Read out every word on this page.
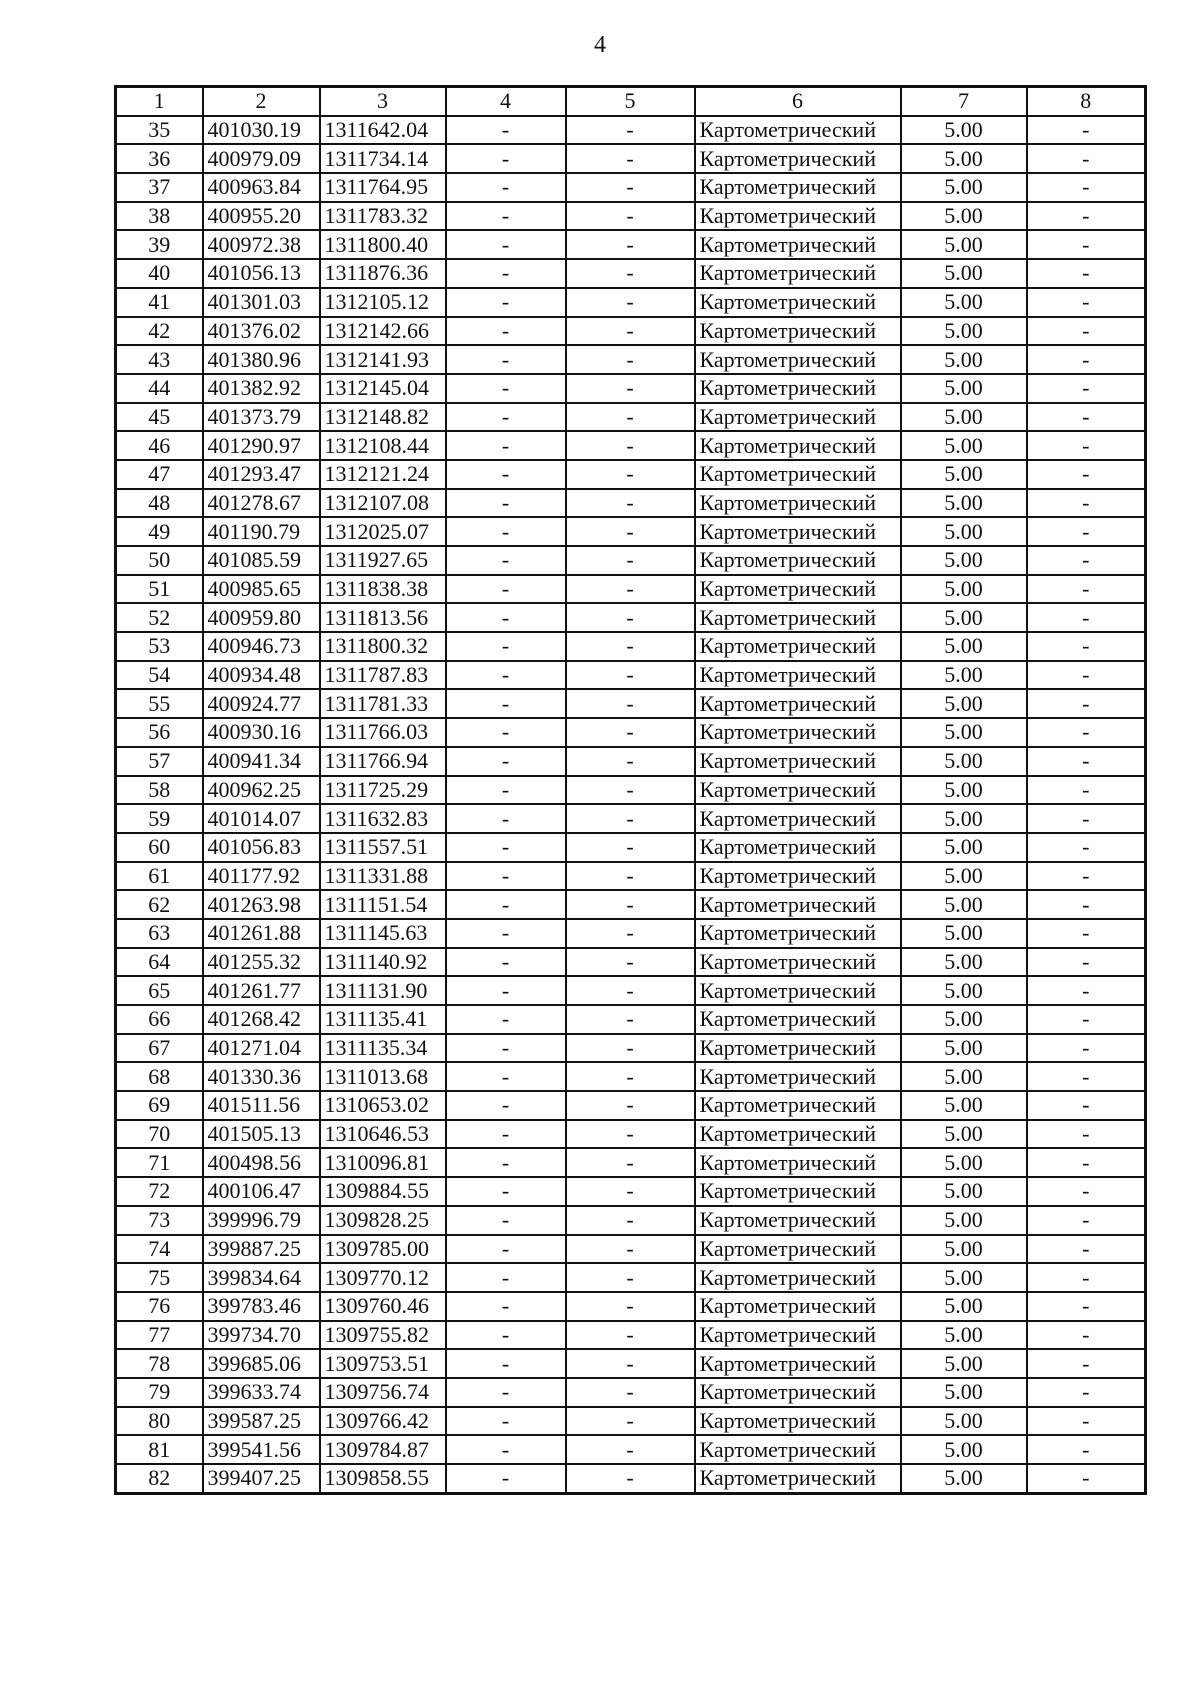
4
1	2	3	4	5	6	7	8
35	401030.19	1311642.04	-	-	Картометрический	5.00	-
36	400979.09	1311734.14	-	-	Картометрический	5.00	-
37	400963.84	1311764.95	-	-	Картометрический	5.00	-
38	400955.20	1311783.32	-	-	Картометрический	5.00	-
39	400972.38	1311800.40	-	-	Картометрический	5.00	-
40	401056.13	1311876.36	-	-	Картометрический	5.00	-
41	401301.03	1312105.12	-	-	Картометрический	5.00	-
42	401376.02	1312142.66	-	-	Картометрический	5.00	-
43	401380.96	1312141.93	-	-	Картометрический	5.00	-
44	401382.92	1312145.04	-	-	Картометрический	5.00	-
45	401373.79	1312148.82	-	-	Картометрический	5.00	-
46	401290.97	1312108.44	-	-	Картометрический	5.00	-
47	401293.47	1312121.24	-	-	Картометрический	5.00	-
48	401278.67	1312107.08	-	-	Картометрический	5.00	-
49	401190.79	1312025.07	-	-	Картометрический	5.00	-
50	401085.59	1311927.65	-	-	Картометрический	5.00	-
51	400985.65	1311838.38	-	-	Картометрический	5.00	-
52	400959.80	1311813.56	-	-	Картометрический	5.00	-
53	400946.73	1311800.32	-	-	Картометрический	5.00	-
54	400934.48	1311787.83	-	-	Картометрический	5.00	-
55	400924.77	1311781.33	-	-	Картометрический	5.00	-
56	400930.16	1311766.03	-	-	Картометрический	5.00	-
57	400941.34	1311766.94	-	-	Картометрический	5.00	-
58	400962.25	1311725.29	-	-	Картометрический	5.00	-
59	401014.07	1311632.83	-	-	Картометрический	5.00	-
60	401056.83	1311557.51	-	-	Картометрический	5.00	-
61	401177.92	1311331.88	-	-	Картометрический	5.00	-
62	401263.98	1311151.54	-	-	Картометрический	5.00	-
63	401261.88	1311145.63	-	-	Картометрический	5.00	-
64	401255.32	1311140.92	-	-	Картометрический	5.00	-
65	401261.77	1311131.90	-	-	Картометрический	5.00	-
66	401268.42	1311135.41	-	-	Картометрический	5.00	-
67	401271.04	1311135.34	-	-	Картометрический	5.00	-
68	401330.36	1311013.68	-	-	Картометрический	5.00	-
69	401511.56	1310653.02	-	-	Картометрический	5.00	-
70	401505.13	1310646.53	-	-	Картометрический	5.00	-
71	400498.56	1310096.81	-	-	Картометрический	5.00	-
72	400106.47	1309884.55	-	-	Картометрический	5.00	-
73	399996.79	1309828.25	-	-	Картометрический	5.00	-
74	399887.25	1309785.00	-	-	Картометрический	5.00	-
75	399834.64	1309770.12	-	-	Картометрический	5.00	-
76	399783.46	1309760.46	-	-	Картометрический	5.00	-
77	399734.70	1309755.82	-	-	Картометрический	5.00	-
78	399685.06	1309753.51	-	-	Картометрический	5.00	-
79	399633.74	1309756.74	-	-	Картометрический	5.00	-
80	399587.25	1309766.42	-	-	Картометрический	5.00	-
81	399541.56	1309784.87	-	-	Картометрический	5.00	-
82	399407.25	1309858.55	-	-	Картометрический	5.00	-
